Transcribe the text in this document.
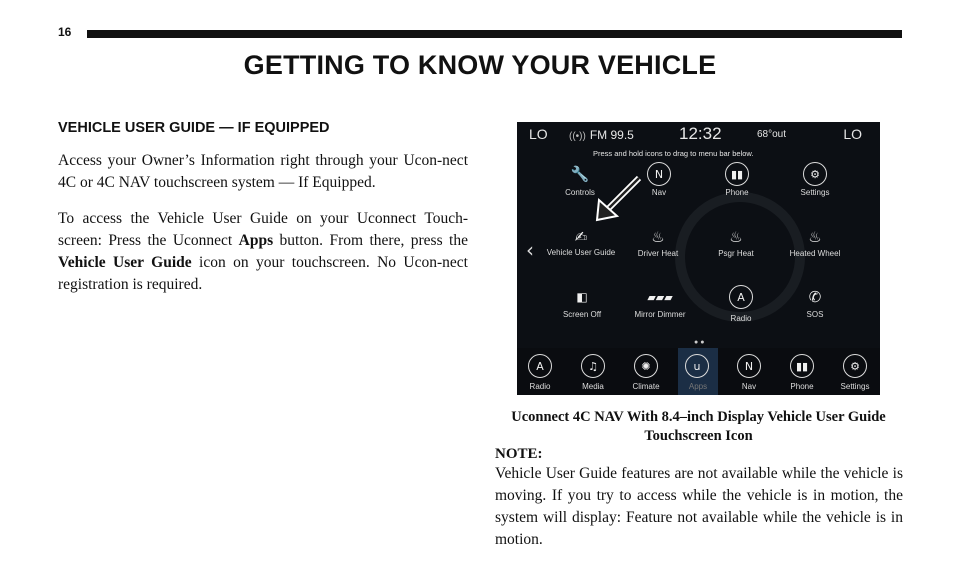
16
GETTING TO KNOW YOUR VEHICLE
VEHICLE USER GUIDE — IF EQUIPPED

Access your Owner’s Information right through your Ucon-nect 4C or 4C NAV touchscreen system — If Equipped.

To access the Vehicle User Guide on your Uconnect Touch-screen: Press the Uconnect Apps button. From there, press the Vehicle User Guide icon on your touchscreen. No Ucon-nect registration is required.

LO ((•)) FM 99.5	12:32	68°out	LO
Press and hold icons to drag to menu bar below.
🔧
Controls
N
Nav
▮▮
Phone
⚙
Settings
✍
Vehicle User Guide
♨
Driver Heat
♨
Psgr Heat
♨
Heated Wheel
‹
◧
Screen Off
▰▰▰
Mirror Dimmer
A
Radio
✆
SOS
●●
A
Radio
♫
Media
✺
Climate
u
Apps
N
Nav
▮▮
Phone
⚙
Settings
Uconnect 4C NAV With 8.4–inch Display Vehicle User Guide Touchscreen Icon
NOTE:
Vehicle User Guide features are not available while the vehicle is moving. If you try to access while the vehicle is in motion, the system will display: Feature not available while the vehicle is in motion.
